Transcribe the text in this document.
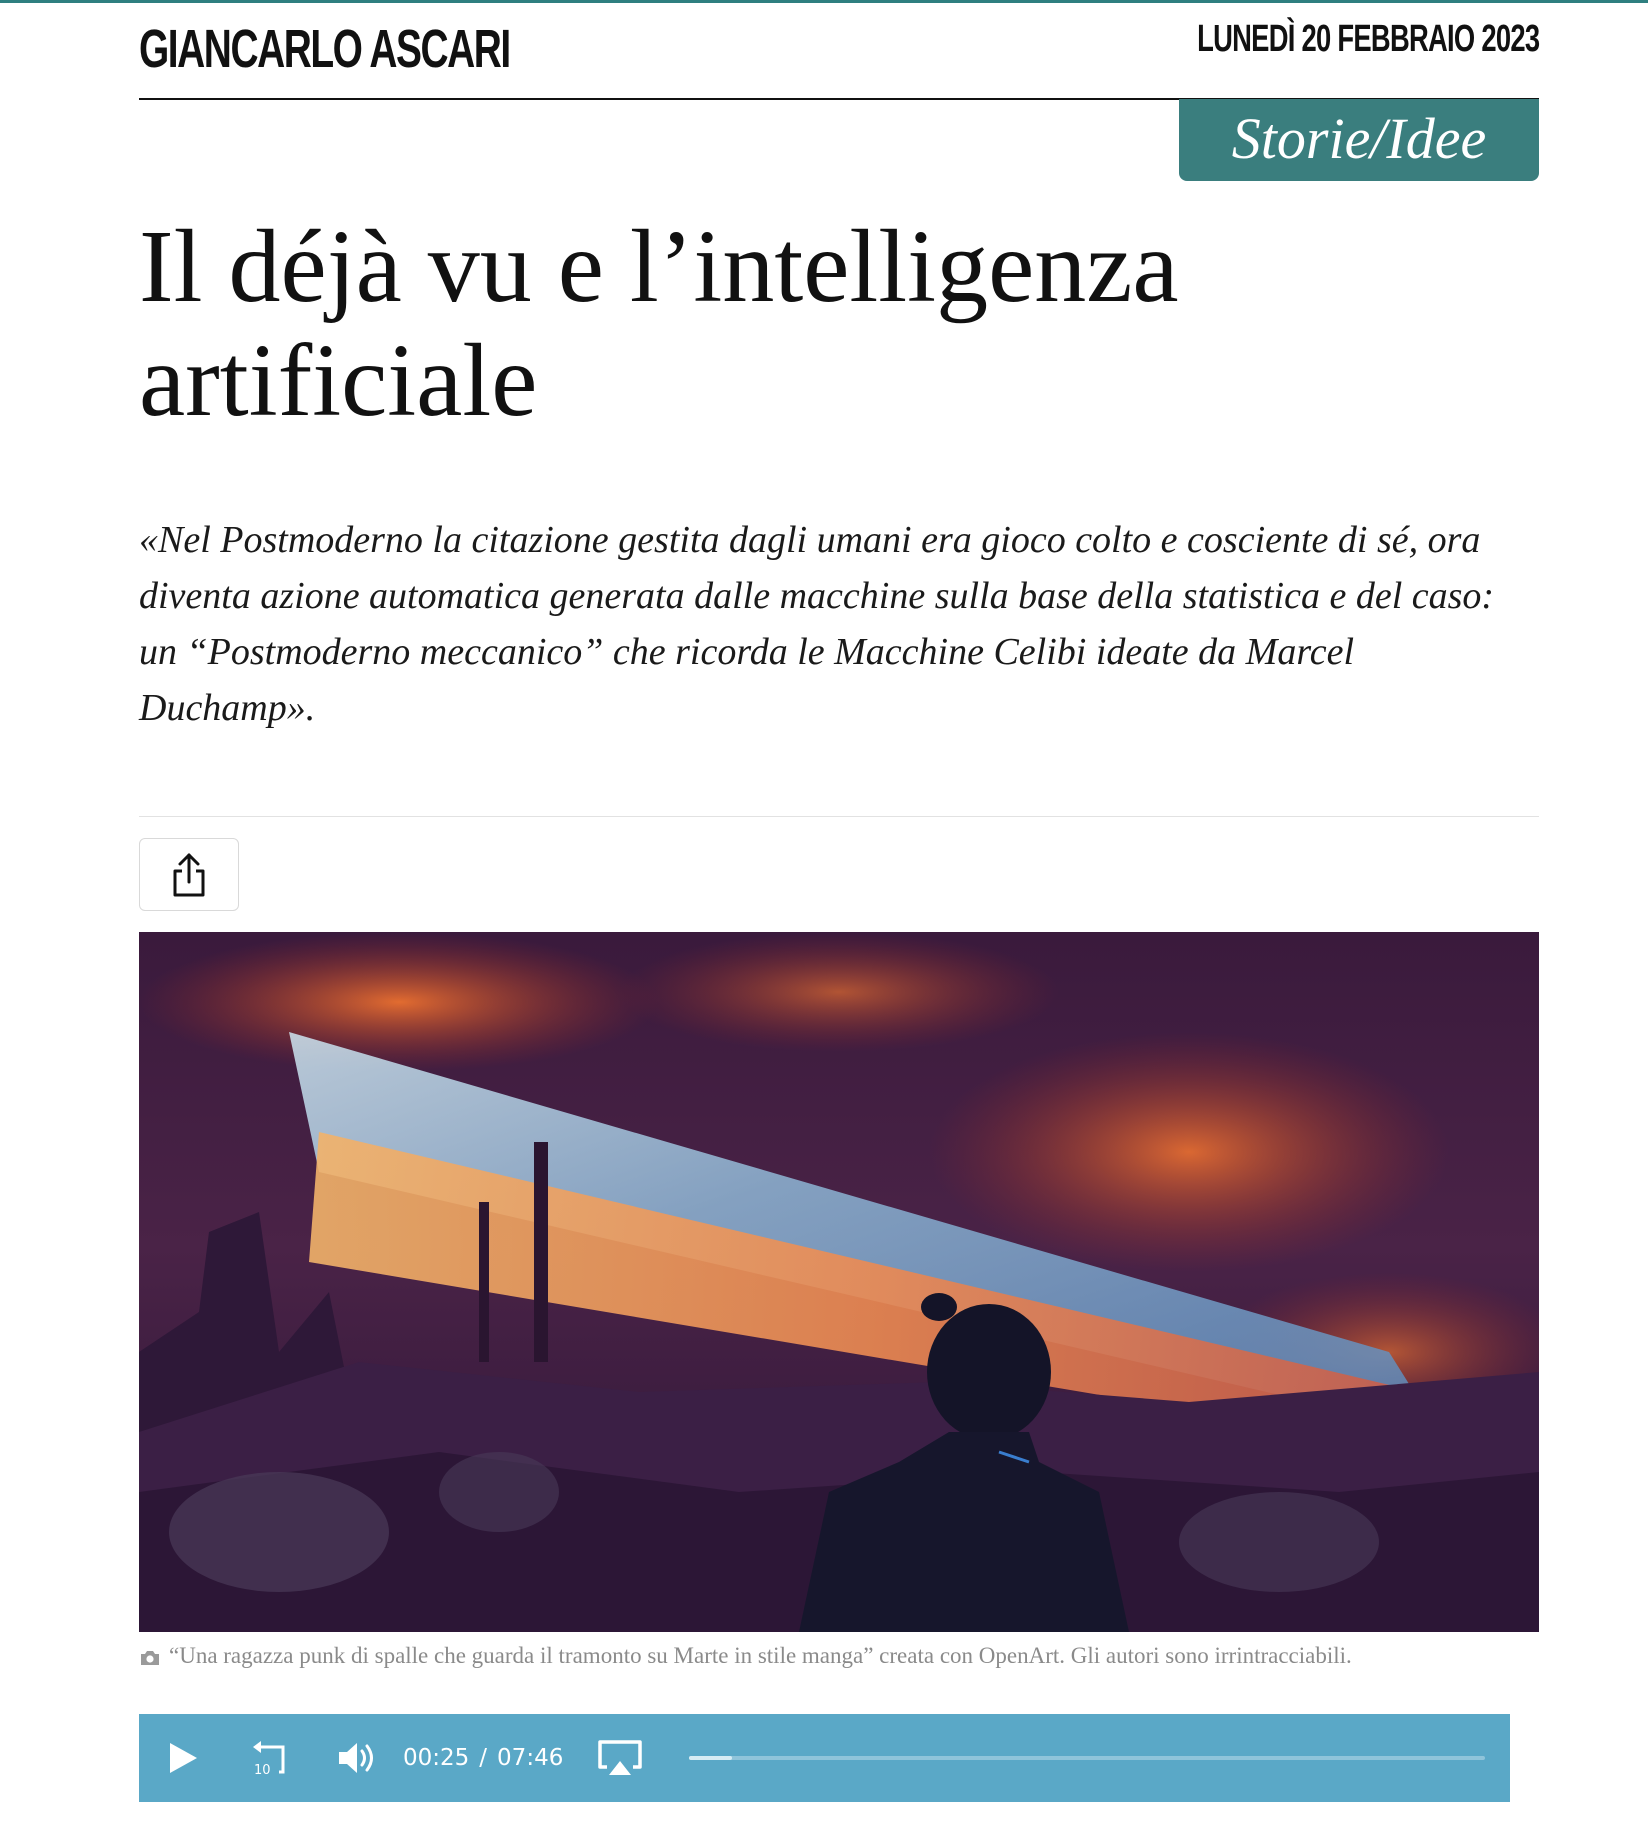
GIANCARLO ASCARI	LUNEDÌ 20 FEBBRAIO 2023
Storie/Idee
Il déjà vu e l’intelligenza artificiale

«Nel Postmoderno la citazione gestita dagli umani era gioco colto e cosciente di sé, ora diventa azione automatica generata dalle macchine sulla base della statistica e del caso: un “Postmoderno meccanico” che ricorda le Macchine Celibi ideate da Marcel Duchamp».

“Una ragazza punk di spalle che guarda il tramonto su Marte in stile manga” creata con OpenArt. Gli autori sono irrintracciabili.
10	00:25 / 07:46
